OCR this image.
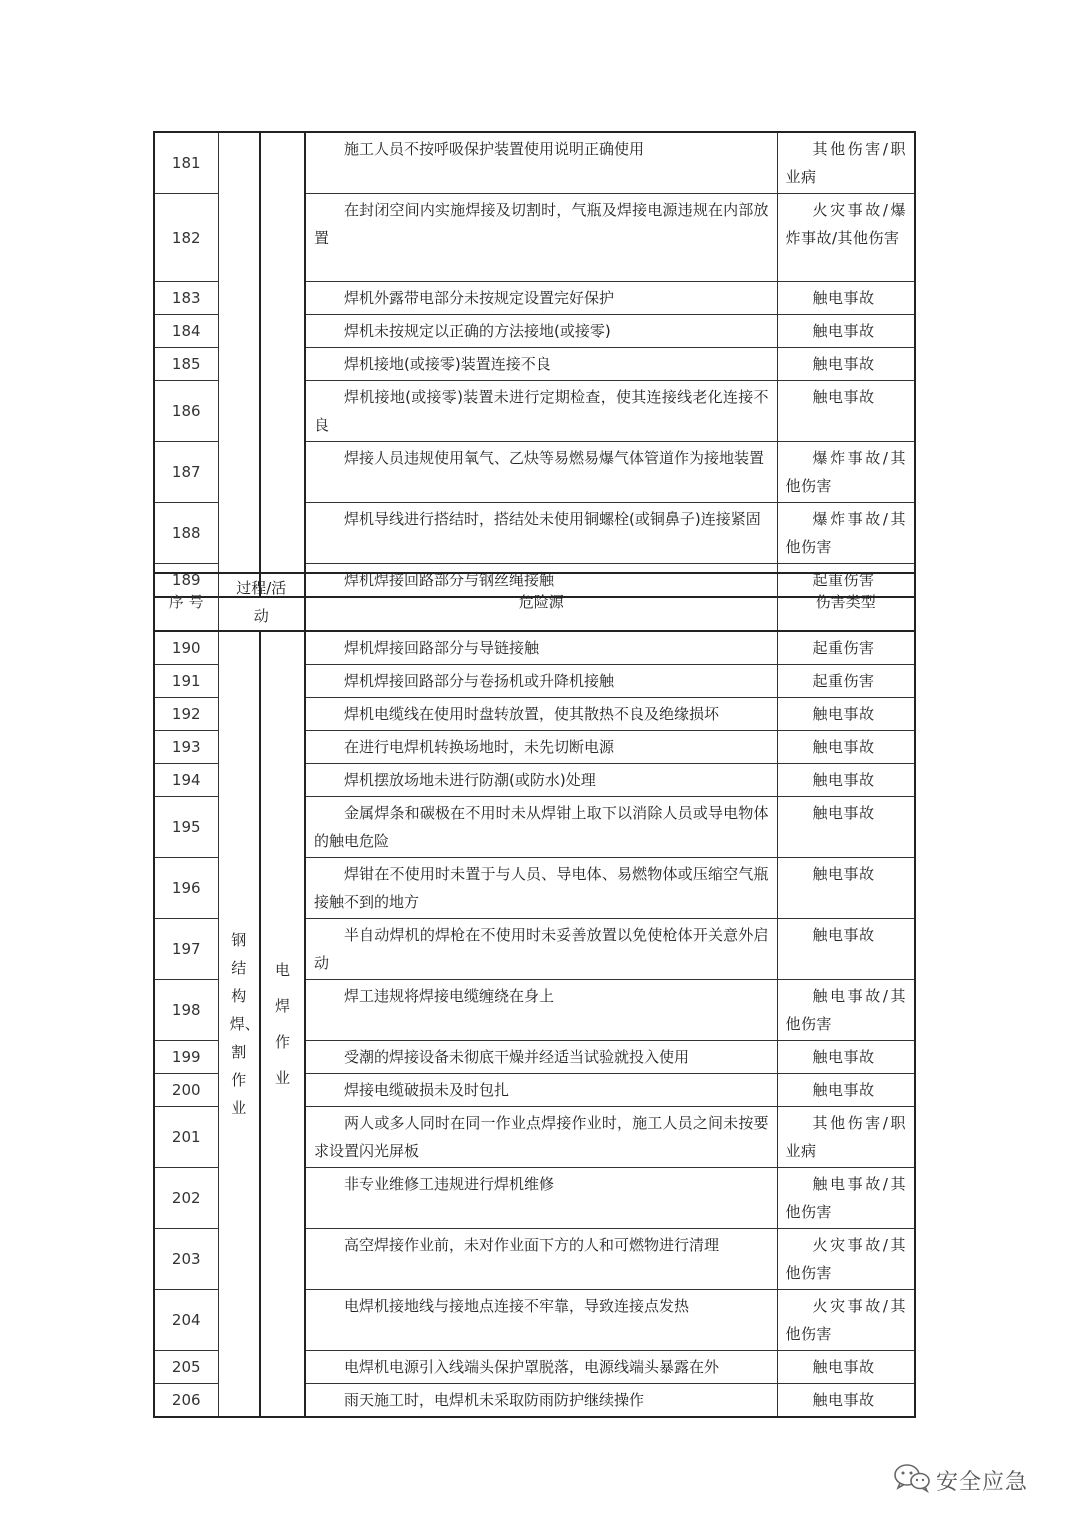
181			施工人员不按呼吸保护装置使用说明正确使用	其他伤害/职业病
182			在封闭空间内实施焊接及切割时，气瓶及焊接电源违规在内部放置	火灾事故/爆炸事故/其他伤害
183			焊机外露带电部分未按规定设置完好保护	触电事故
184			焊机未按规定以正确的方法接地(或接零)	触电事故
185			焊机接地(或接零)装置连接不良	触电事故
186			焊机接地(或接零)装置未进行定期检查，使其连接线老化连接不良	触电事故
187			焊接人员违规使用氧气、乙炔等易燃易爆气体管道作为接地装置	爆炸事故/其他伤害
188			焊机导线进行搭结时，搭结处未使用铜螺栓(或铜鼻子)连接紧固	爆炸事故/其他伤害
189			焊机焊接回路部分与钢丝绳接触	起重伤害
序 号	过程/活动		危险源	伤害类型
190	钢结构焊、割作业	电焊作业	焊机焊接回路部分与导链接触	起重伤害
191			焊机焊接回路部分与卷扬机或升降机接触	起重伤害
192			焊机电缆线在使用时盘转放置，使其散热不良及绝缘损坏	触电事故
193			在进行电焊机转换场地时，未先切断电源	触电事故
194			焊机摆放场地未进行防潮(或防水)处理	触电事故
195			金属焊条和碳极在不用时未从焊钳上取下以消除人员或导电物体的触电危险	触电事故
196			焊钳在不使用时未置于与人员、导电体、易燃物体或压缩空气瓶接触不到的地方	触电事故
197			半自动焊机的焊枪在不使用时未妥善放置以免使枪体开关意外启动	触电事故
198			焊工违规将焊接电缆缠绕在身上	触电事故/其他伤害
199			受潮的焊接设备未彻底干燥并经适当试验就投入使用	触电事故
200			焊接电缆破损未及时包扎	触电事故
201			两人或多人同时在同一作业点焊接作业时，施工人员之间未按要求设置闪光屏板	其他伤害/职业病
202			非专业维修工违规进行焊机维修	触电事故/其他伤害
203			高空焊接作业前，未对作业面下方的人和可燃物进行清理	火灾事故/其他伤害
204			电焊机接地线与接地点连接不牢靠，导致连接点发热	火灾事故/其他伤害
205			电焊机电源引入线端头保护罩脱落，电源线端头暴露在外	触电事故
206			雨天施工时，电焊机未采取防雨防护继续操作	触电事故
安全应急
